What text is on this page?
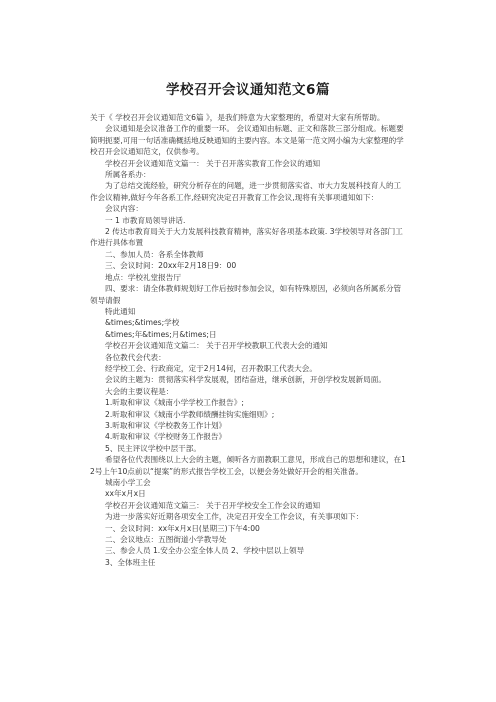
学校召开会议通知范文6篇

关于《 学校召开会议通知范文6篇 》，是我们特意为大家整理的，希望对大家有所帮助。

会议通知是会议准备工作的重要一环。 会议通知由标题、正文和落款三部分组成。标题要简明扼要,可用一句话准确概括地反映通知的主要内容。本文是第一范文网小编为大家整理的学校召开会议通知范文，仅供参考。

学校召开会议通知范文篇一： 关于召开落实教育工作会议的通知

所属各系办：

为了总结交流经验，研究分析存在的问题，进一步贯彻落实省、市大力发展科技育人的工作会议精神,做好今年各系工作,经研究决定召开教育工作会议,现将有关事项通知如下：

会议内容：

一 1 市教育局领导讲话.

2 传达市教育局关于大力发展科技教育精神，落实好各项基本政策. 3学校领导对各部门工作进行具体布置

二、参加人员：各系全体教师

三、会议时间：20xx年2月18日9：00

地点：学校礼堂报告厅

四、要求：请全体教师规划好工作后按时参加会议，如有特殊原因，必须向各所属系分管领导请假

特此通知

&times;&times;学校

&times;年&times;月&times;日

学校召开会议通知范文篇二： 关于召开学校教职工代表大会的通知

各位教代会代表：

经学校工会、行政商定，定于2月14何，召开教职工代表大会。

会议的主题为：贯彻落实科学发展观，团结奋进，继承创新，开创学校发展新局面。

大会的主要议程是：

1.听取和审议《城南小学学校工作报告》;

2.听取和审议《城南小学教师绩酬挂钩实施细则》;

3.听取和审议《学校教务工作计划》

4.听取和审议《学校财务工作报告》

5、民主评议学校中层干部。

希望各位代表围绕以上大会的主题，倾听各方面教职工意见，形成自己的思想和建议，在12号上午10点前以“提案”的形式报告学校工会，以便会务处做好开会的相关准备。

城南小学工会

xx年x月x日

学校召开会议通知范文篇三： 关于召开学校安全工作会议的通知

为进一步落实好近期各项安全工作，决定召开安全工作会议，有关事项如下：

一、会议时间：xx年x月x日(星期三)下午4:00

二、会议地点：五图街道小学教导处

三、参会人员 1.安全办公室全体人员 2、学校中层以上领导

3、全体班主任
